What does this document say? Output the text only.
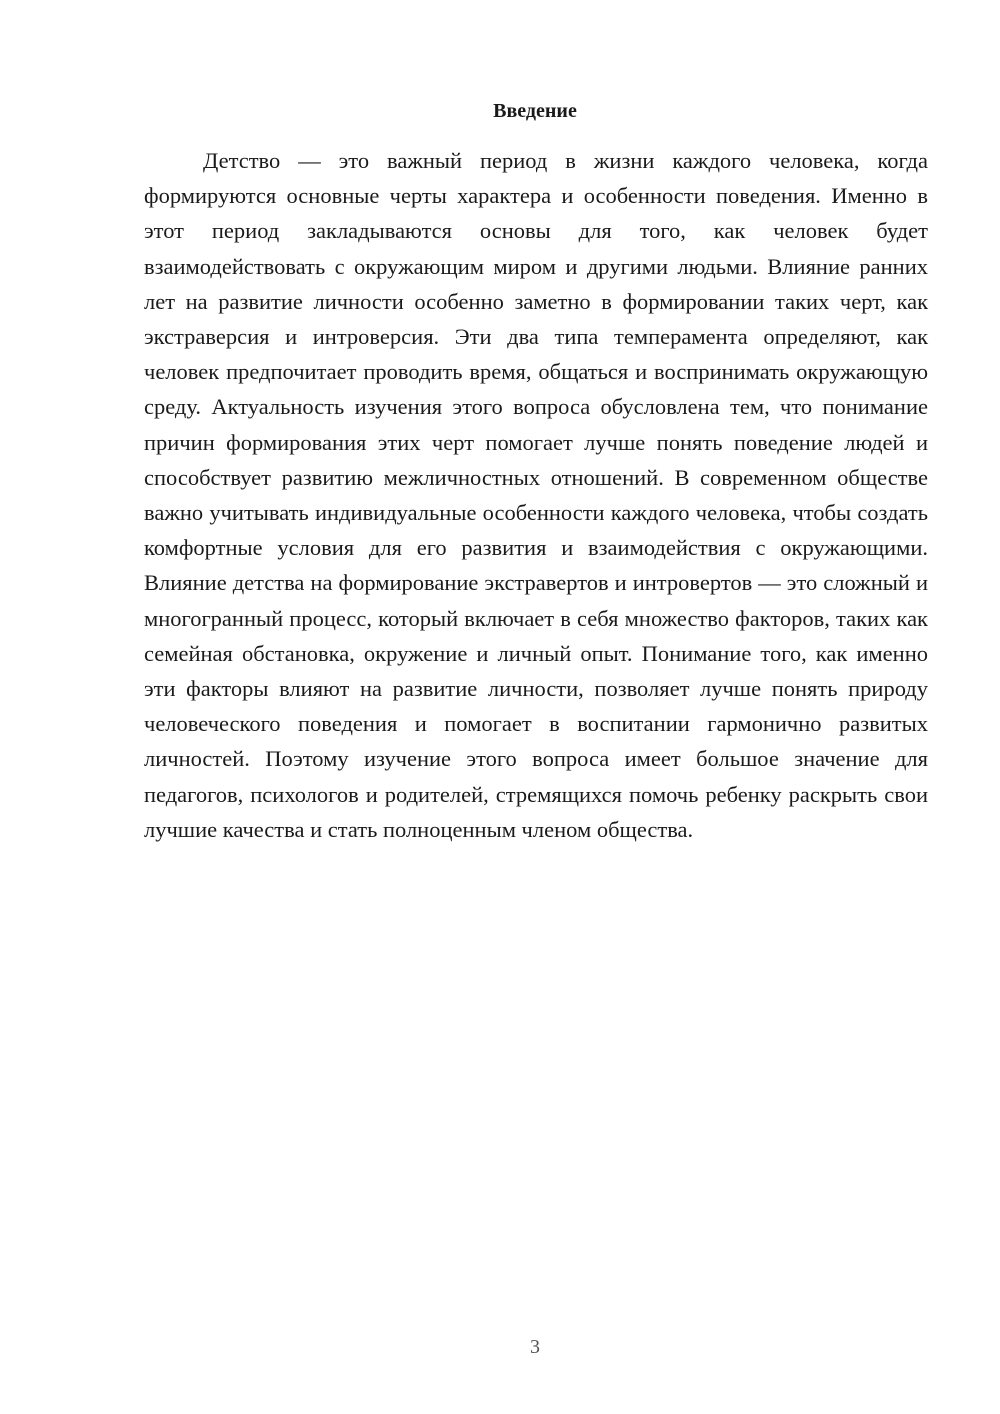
Введение

Детство — это важный период в жизни каждого человека, когда формируются основные черты характера и особенности поведения. Именно в этот период закладываются основы для того, как человек будет взаимодействовать с окружающим миром и другими людьми. Влияние ранних лет на развитие личности особенно заметно в формировании таких черт, как экстраверсия и интроверсия. Эти два типа темперамента определяют, как человек предпочитает проводить время, общаться и воспринимать окружающую среду. Актуальность изучения этого вопроса обусловлена тем, что понимание причин формирования этих черт помогает лучше понять поведение людей и способствует развитию межличностных отношений. В современном обществе важно учитывать индивидуальные особенности каждого человека, чтобы создать комфортные условия для его развития и взаимодействия с окружающими. Влияние детства на формирование экстравертов и интровертов — это сложный и многогранный процесс, который включает в себя множество факторов, таких как семейная обстановка, окружение и личный опыт. Понимание того, как именно эти факторы влияют на развитие личности, позволяет лучше понять природу человеческого поведения и помогает в воспитании гармонично развитых личностей. Поэтому изучение этого вопроса имеет большое значение для педагогов, психологов и родителей, стремящихся помочь ребенку раскрыть свои лучшие качества и стать полноценным членом общества.

3
